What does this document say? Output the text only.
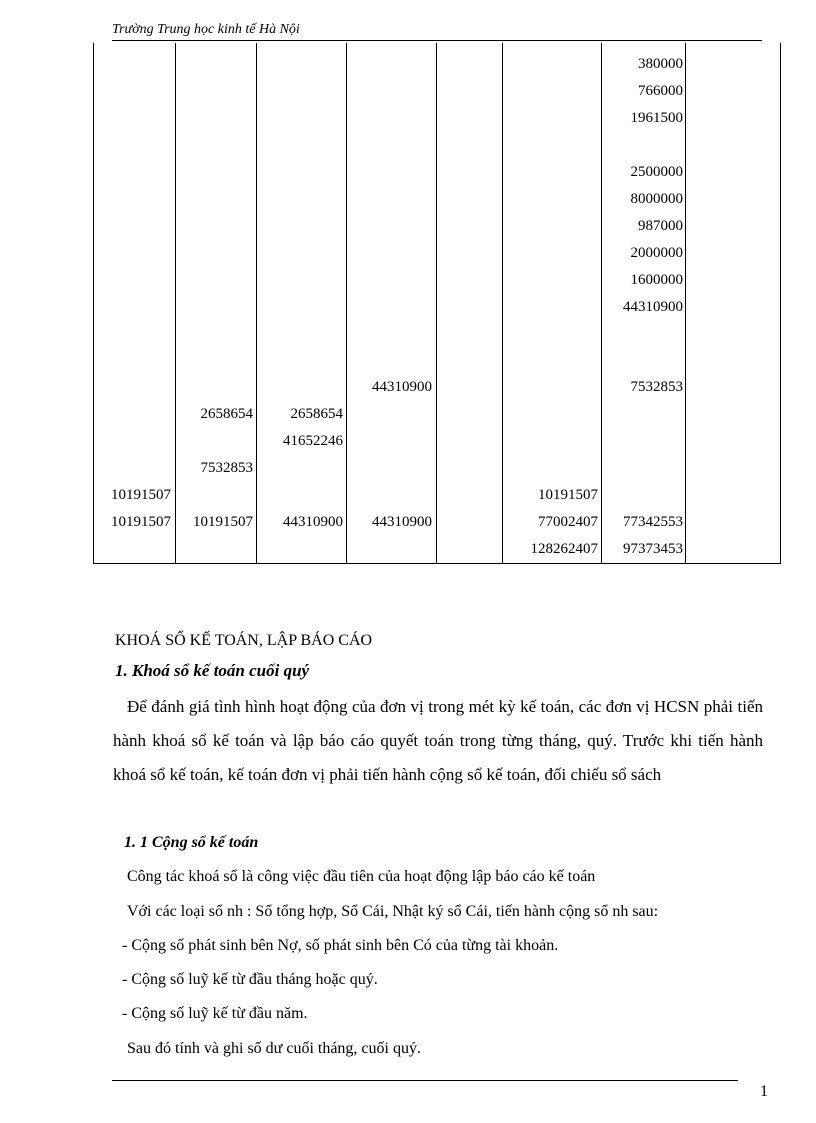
Trường Trung học kinh tế Hà Nội
10191507
10191507
2658654
7532853
10191507
2658654
41652246
44310900
44310900
44310900
10191507
77002407
128262407
380000
766000
1961500
2500000
8000000
987000
2000000
1600000
44310900
7532853
77342553
97373453
KHOÁ SỔ KẾ TOÁN, LẬP BÁO CÁO
1. Khoá sổ kế toán cuối quý
Để đánh giá tình hình hoạt động của đơn vị trong mét kỳ kế toán, các đơn vị HCSN phải tiến hành khoá sổ kế toán và lập báo cáo quyết toán trong từng tháng, quý. Trước khi tiến hành khoá sổ kế toán, kế toán đơn vị phải tiến hành cộng sổ kế toán, đối chiếu sổ sách
1. 1 Cộng sổ kế toán
Công tác khoá sổ là công việc đầu tiên của hoạt động lập báo cáo kế toán
Với các loại sổ nh : Sổ tổng hợp, Sổ Cái, Nhật ký sổ Cái, tiến hành cộng sổ nh sau:
- Cộng số phát sinh bên Nợ, số phát sinh bên Có của từng tài khoản.
- Cộng số luỹ kế từ đầu tháng hoặc quý.
- Cộng số luỹ kế từ đầu năm.
Sau đó tính và ghi số dư cuối tháng, cuối quý.
1
